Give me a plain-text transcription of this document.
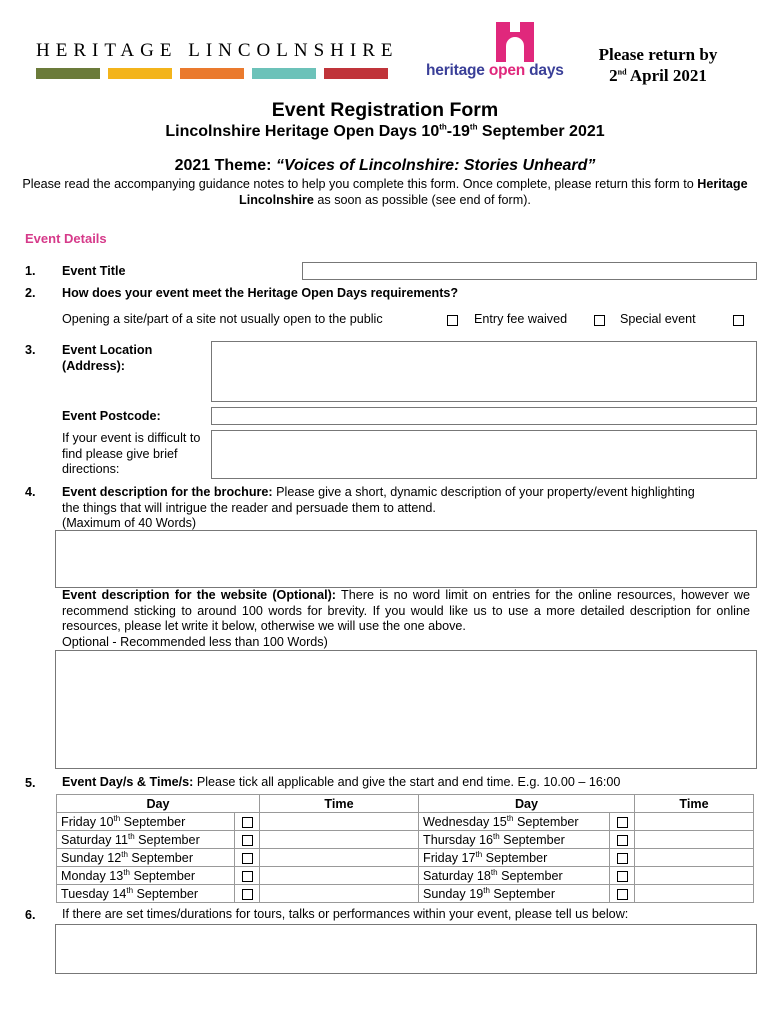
HERITAGE LINCOLNSHIRE
heritage open days
Please return by
2nd April 2021
Event Registration Form
Lincolnshire Heritage Open Days 10th-19th September 2021
2021 Theme: “Voices of Lincolnshire: Stories Unheard”
Please read the accompanying guidance notes to help you complete this form. Once complete, please return this form to Heritage Lincolnshire as soon as possible (see end of form).
Event Details
1. Event Title
2. How does your event meet the Heritage Open Days requirements?
Opening a site/part of a site not usually open to the public	Entry fee waived	Special event
3. Event Location
(Address):
Event Postcode:
If your event is difficult to find please give brief directions:
4. Event description for the brochure: Please give a short, dynamic description of your property/event highlighting the things that will intrigue the reader and persuade them to attend.
(Maximum of 40 Words)
Event description for the website (Optional): There is no word limit on entries for the online resources, however we recommend sticking to around 100 words for brevity. If you would like us to use a more detailed description for online resources, please let write it below, otherwise we will use the one above.
Optional - Recommended less than 100 Words)
5. Event Day/s & Time/s: Please tick all applicable and give the start and end time. E.g. 10.00 – 16:00
Day		Time	Day		Time
Friday 10th September			Wednesday 15th September		
Saturday 11th September			Thursday 16th September		
Sunday 12th September			Friday 17th September		
Monday 13th September			Saturday 18th September		
Tuesday 14th September			Sunday 19th September		
6. If there are set times/durations for tours, talks or performances within your event, please tell us below:
